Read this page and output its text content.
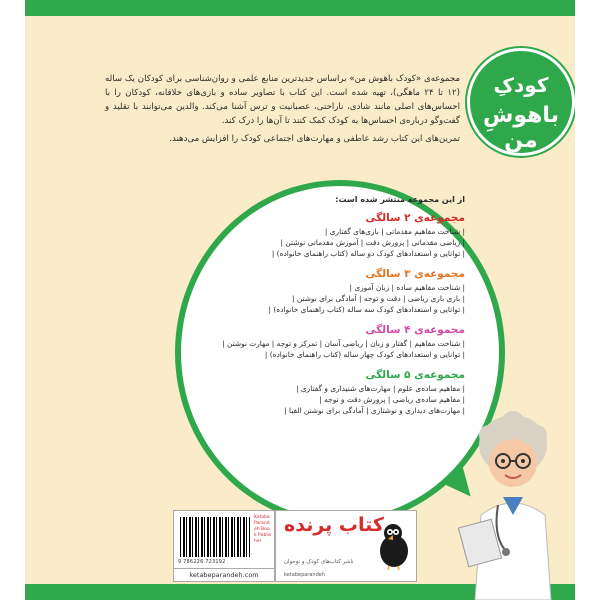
کودکِ
باهوشِ من

مجموعه‌ی «کودک باهوش من» براساس جدیدترین منابع علمی و روان‌شناسی برای کودکان یک ساله (۱۲ تا ۲۴ ماهگی)، تهیه شده است. این کتاب با تصاویر ساده و بازی‌های خلاقانه، کودکان را با احساس‌های اصلی مانند شادی، ناراحتی، عصبانیت و ترس آشنا می‌کند. والدین می‌توانند با تقلید و گفت‌وگو درباره‌ی احساس‌ها به کودک کمک کنند تا آن‌ها را درک کند.

تمرین‌های این کتاب رشد عاطفی و مهارت‌های اجتماعی کودک را افزایش می‌دهند.

از این مجموعه منتشر شده است:
مجموعه‌ی ۲ سالگی
| شناخت مفاهیم مقدماتی | بازی‌های گفتاری |
| ریاضی مقدماتی | پرورش دقت | آموزش مقدماتی نوشتن |
| توانایی و استعدادهای کودک دو ساله (کتاب راهنمای خانواده) |
مجموعه‌ی ۳ سالگی
| شناخت مفاهیم ساده | زبان آموزی |
| بازی بازی ریاضی | دقت و توجه | آمادگی برای نوشتن |
| توانایی و استعدادهای کودک سه ساله (کتاب راهنمای خانواده) |
مجموعه‌ی ۴ سالگی
| شناخت مفاهیم | گفتار و زبان | ریاضی آسان | تمرکز و توجه | مهارت نوشتن |
| توانایی و استعدادهای کودک چهار ساله (کتاب راهنمای خانواده) |
مجموعه‌ی ۵ سالگی
| مفاهیم ساده‌ی علوم | مهارت‌های شنیداری و گفتاری |
| مفاهیم ساده‌ی ریاضی | پرورش دقت و توجه |
| مهارت‌های دیداری و نوشتاری | آمادگی برای نوشتن الفبا |
9 786226 723192
Ketabe Parandeh Book Publisher
ketabeparandeh.com
کتاب پرنده
ناشر کتاب‌های کودک و نوجوان
ketabeparandeh
